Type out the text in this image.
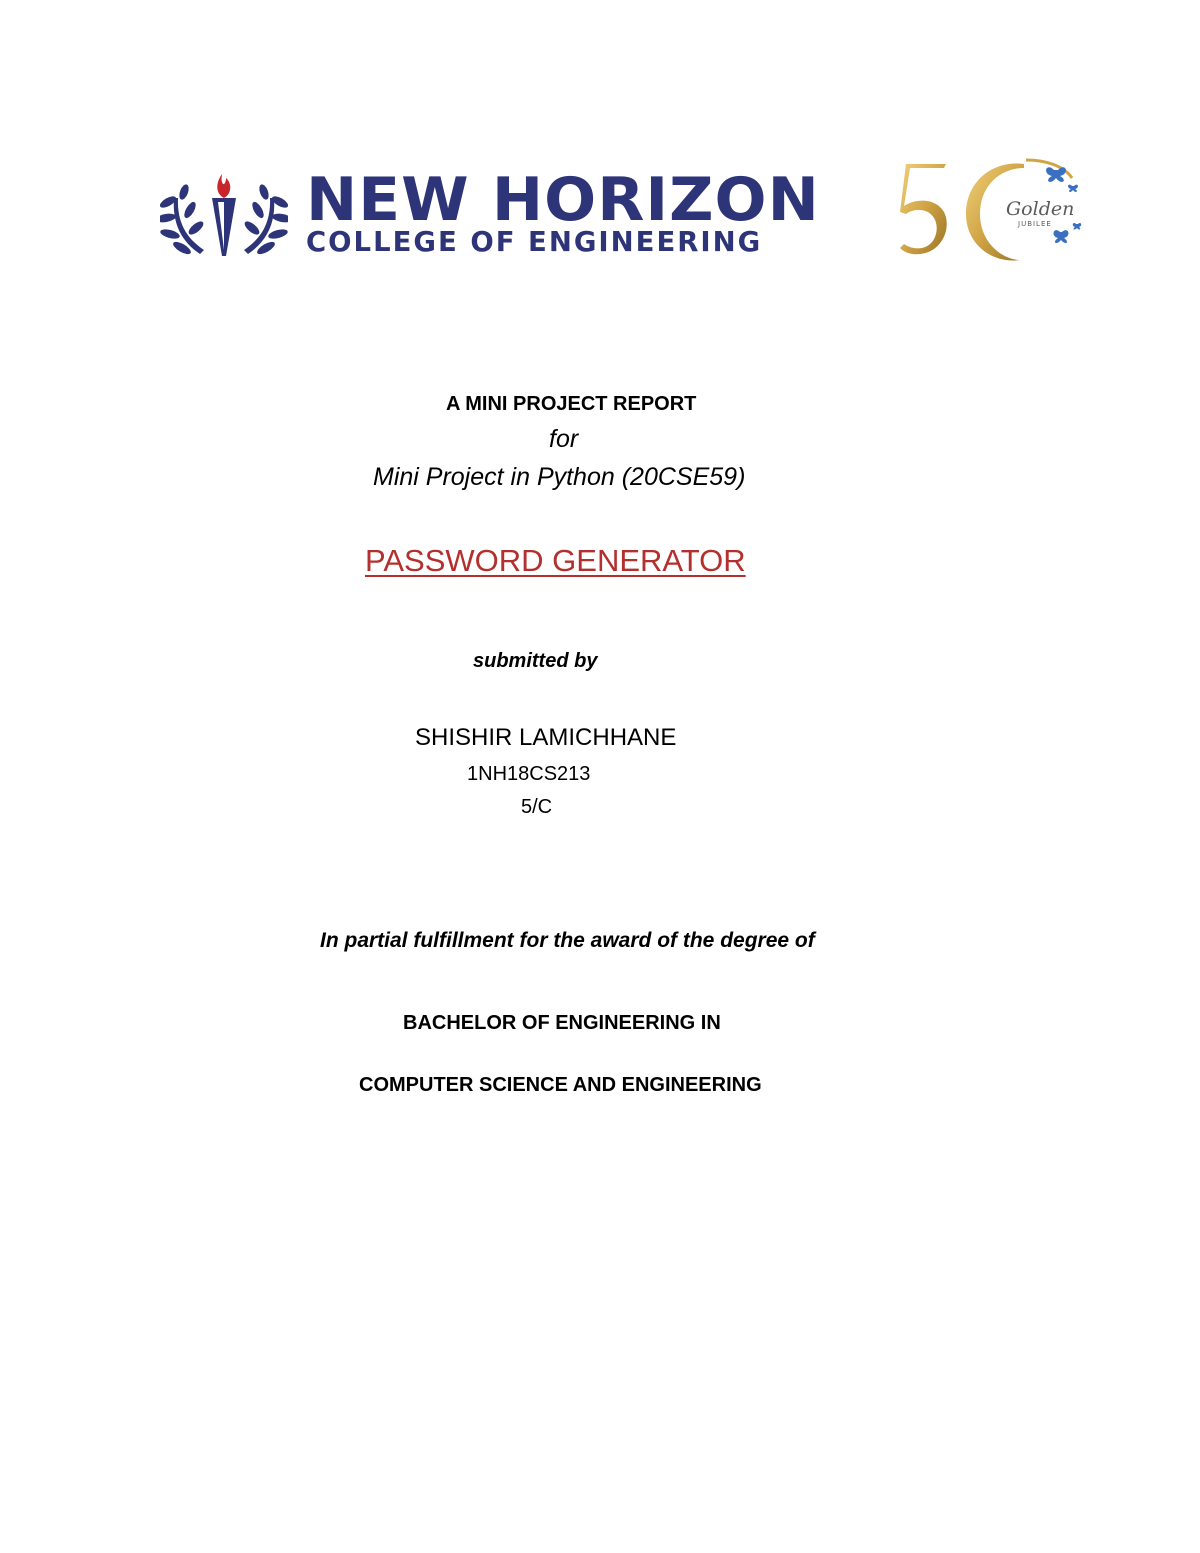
NEW HORIZON
COLLEGE OF ENGINEERING
Golden
JUBILEE
A MINI PROJECT REPORT
for
Mini Project in Python (20CSE59)
PASSWORD GENERATOR
submitted by
SHISHIR LAMICHHANE
1NH18CS213
5/C
In partial fulfillment for the award of the degree of
BACHELOR OF ENGINEERING IN
COMPUTER SCIENCE AND ENGINEERING
